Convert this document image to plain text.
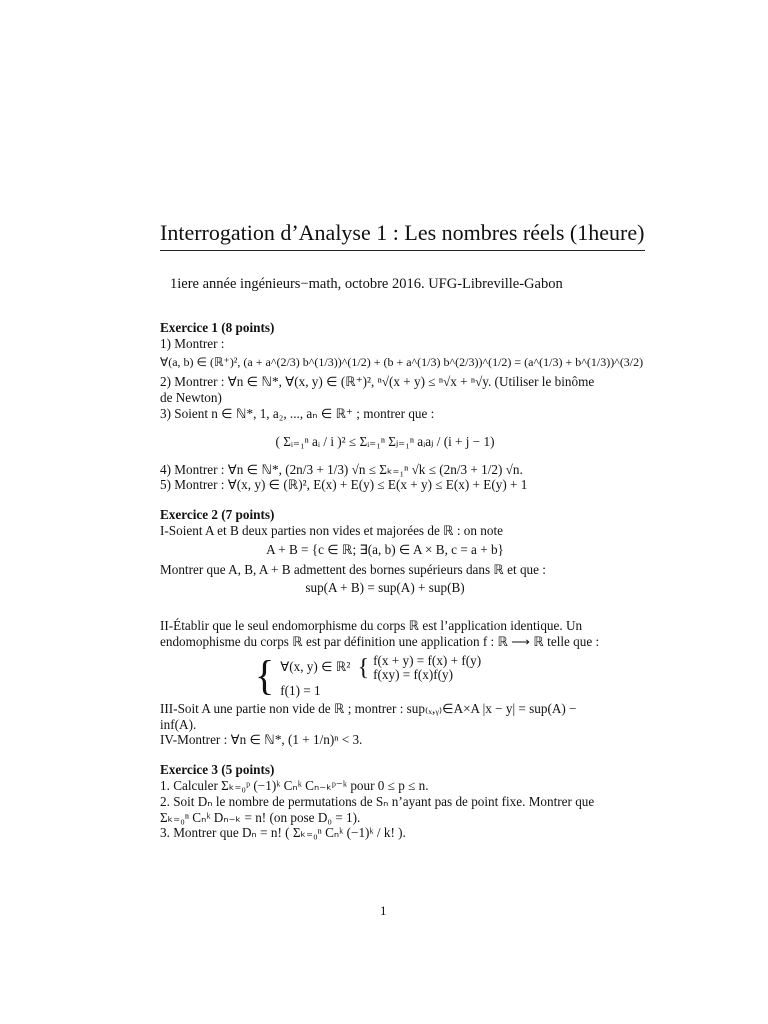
Interrogation d’Analyse 1 : Les nombres réels (1heure)
1iere année ingénieurs−math, octobre 2016. UFG-Libreville-Gabon
Exercice 1 (8 points)
1) Montrer :
∀(a, b) ∈ (ℝ⁺)², (a + a^(2/3) b^(1/3))^(1/2) + (b + a^(1/3) b^(2/3))^(1/2) = (a^(1/3) + b^(1/3))^(3/2)
2) Montrer : ∀n ∈ ℕ*, ∀(x, y) ∈ (ℝ⁺)², ⁿ√(x + y) ≤ ⁿ√x + ⁿ√y. (Utiliser le binôme
de Newton)
3) Soient n ∈ ℕ*, 1, a₂, ..., aₙ ∈ ℝ⁺ ; montrer que :
( Σᵢ₌₁ⁿ aᵢ / i )² ≤ Σᵢ₌₁ⁿ Σⱼ₌₁ⁿ aᵢaⱼ / (i + j − 1)
4) Montrer : ∀n ∈ ℕ*, (2n/3 + 1/3) √n ≤ Σₖ₌₁ⁿ √k ≤ (2n/3 + 1/2) √n.
5) Montrer : ∀(x, y) ∈ (ℝ)², E(x) + E(y) ≤ E(x + y) ≤ E(x) + E(y) + 1
Exercice 2 (7 points)
I-Soient A et B deux parties non vides et majorées de ℝ : on note
A + B = {c ∈ ℝ; ∃(a, b) ∈ A × B, c = a + b}
Montrer que A, B, A + B admettent des bornes supérieurs dans ℝ et que :
sup(A + B) = sup(A) + sup(B)
II-Établir que le seul endomorphisme du corps ℝ est l’application identique. Un endomophisme du corps ℝ est par définition une application f : ℝ ⟶ ℝ telle que :
{ ∀(x, y) ∈ ℝ² { f(x + y) = f(x) + f(y)
f(xy) = f(x)f(y)
f(1) = 1
III-Soit A une partie non vide de ℝ ; montrer : sup₍ₓ,ᵧ₎∈A×A |x − y| = sup(A) − inf(A).
IV-Montrer : ∀n ∈ ℕ*, (1 + 1/n)ⁿ < 3.
Exercice 3 (5 points)
1. Calculer Σₖ₌₀ᵖ (−1)ᵏ Cₙᵏ Cₙ₋ₖᵖ⁻ᵏ pour 0 ≤ p ≤ n.
2. Soit Dₙ le nombre de permutations de Sₙ n’ayant pas de point fixe. Montrer que Σₖ₌₀ⁿ Cₙᵏ Dₙ₋ₖ = n! (on pose D₀ = 1).
3. Montrer que Dₙ = n! ( Σₖ₌₀ⁿ Cₙᵏ (−1)ᵏ / k! ).
1
